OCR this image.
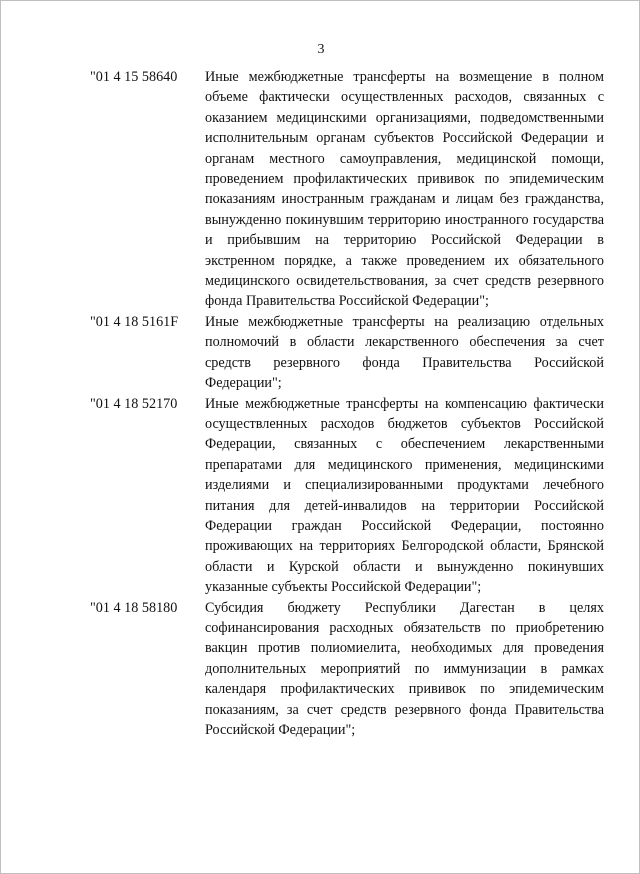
3
"01 4 15 58640	Иные межбюджетные трансферты на возмещение в полном объеме фактически осуществленных расходов, связанных с оказанием медицинскими организациями, подведомственными исполнительным органам субъектов Российской Федерации и органам местного самоуправления, медицинской помощи, проведением профилактических прививок по эпидемическим показаниям иностранным гражданам и лицам без гражданства, вынужденно покинувшим территорию иностранного государства и прибывшим на территорию Российской Федерации в экстренном порядке, а также проведением их обязательного медицинского освидетельствования, за счет средств резервного фонда Правительства Российской Федерации";
"01 4 18 5161F	Иные межбюджетные трансферты на реализацию отдельных полномочий в области лекарственного обеспечения за счет средств резервного фонда Правительства Российской Федерации";
"01 4 18 52170	Иные межбюджетные трансферты на компенсацию фактически осуществленных расходов бюджетов субъектов Российской Федерации, связанных с обеспечением лекарственными препаратами для медицинского применения, медицинскими изделиями и специализированными продуктами лечебного питания для детей-инвалидов на территории Российской Федерации граждан Российской Федерации, постоянно проживающих на территориях Белгородской области, Брянской области и Курской области и вынужденно покинувших указанные субъекты Российской Федерации";
"01 4 18 58180	Субсидия бюджету Республики Дагестан в целях софинансирования расходных обязательств по приобретению вакцин против полиомиелита, необходимых для проведения дополнительных мероприятий по иммунизации в рамках календаря профилактических прививок по эпидемическим показаниям, за счет средств резервного фонда Правительства Российской Федерации";
